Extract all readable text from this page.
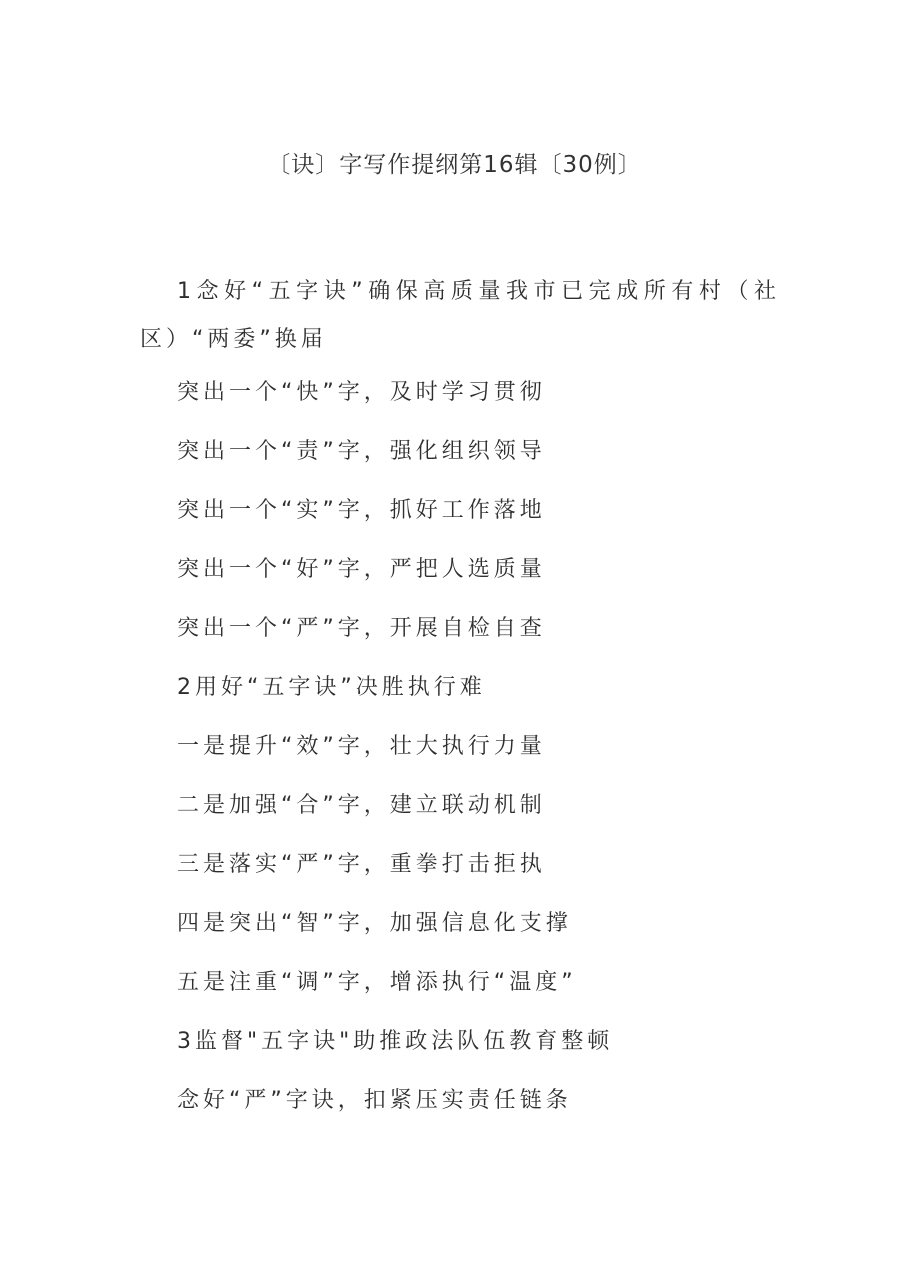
〔诀〕字写作提纲第16辑〔30例〕

1念好“五字诀”确保高质量我市已完成所有村（社区）“两委”换届

突出一个“快”字，及时学习贯彻

突出一个“责”字，强化组织领导

突出一个“实”字，抓好工作落地

突出一个“好”字，严把人选质量

突出一个“严”字，开展自检自查

2用好“五字诀”决胜执行难

一是提升“效”字，壮大执行力量

二是加强“合”字，建立联动机制

三是落实“严”字，重拳打击拒执

四是突出“智”字，加强信息化支撑

五是注重“调”字，增添执行“温度”

3监督"五字诀"助推政法队伍教育整顿

念好“严”字诀，扣紧压实责任链条
